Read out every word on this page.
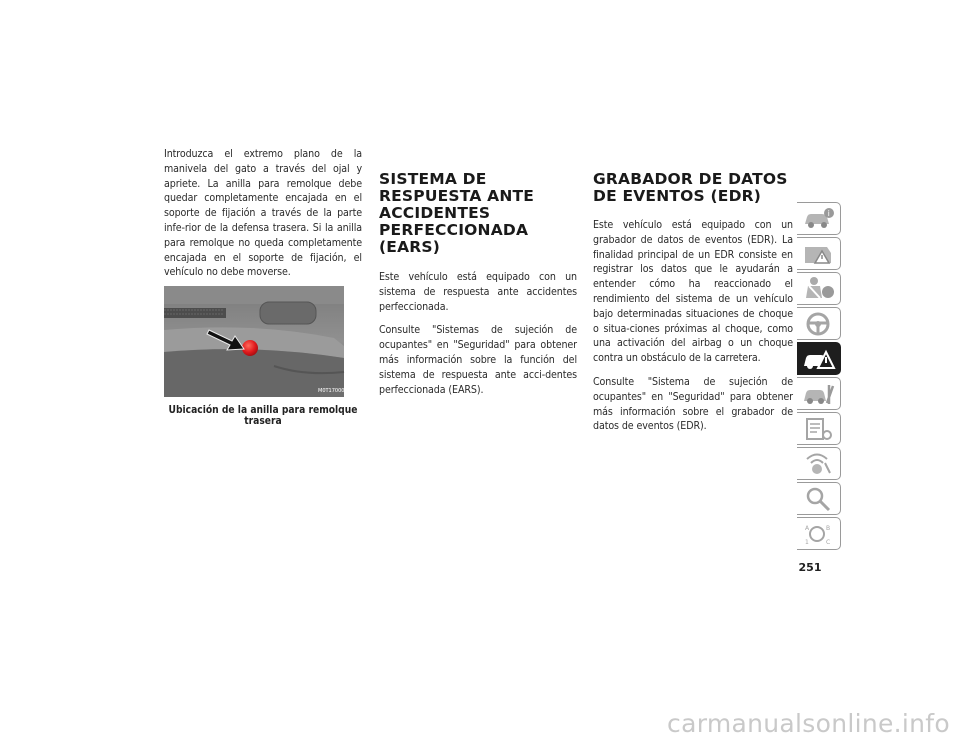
Introduzca el extremo plano de la manivela del gato a través del ojal y apriete. La anilla para remolque debe quedar completamente encajada en el soporte de fijación a través de la parte infe-rior de la defensa trasera. Si la anilla para remolque no queda completamente encajada en el soporte de fijación, el vehículo no debe moverse.

M0T17000009US
Ubicación de la anilla para remolque trasera
SISTEMA DE RESPUESTA ANTE ACCIDENTES PERFECCIONADA (EARS)

Este vehículo está equipado con un sistema de respuesta ante accidentes perfeccionada.

Consulte "Sistemas de sujeción de ocupantes" en "Seguridad" para obtener más información sobre la función del sistema de respuesta ante acci-dentes perfeccionada (EARS).

GRABADOR DE DATOS DE EVENTOS (EDR)

Este vehículo está equipado con un grabador de datos de eventos (EDR). La finalidad principal de un EDR consiste en registrar los datos que le ayudarán a entender cómo ha reaccionado el rendimiento del sistema de un vehículo bajo determinadas situaciones de choque o situa-ciones próximas al choque, como una activación del airbag o un choque contra un obstáculo de la carretera.

Consulte "Sistema de sujeción de ocupantes" en "Seguridad" para obtener más información sobre el grabador de datos de eventos (EDR).

i
A	B
1	C
251
carmanualsonline.info
